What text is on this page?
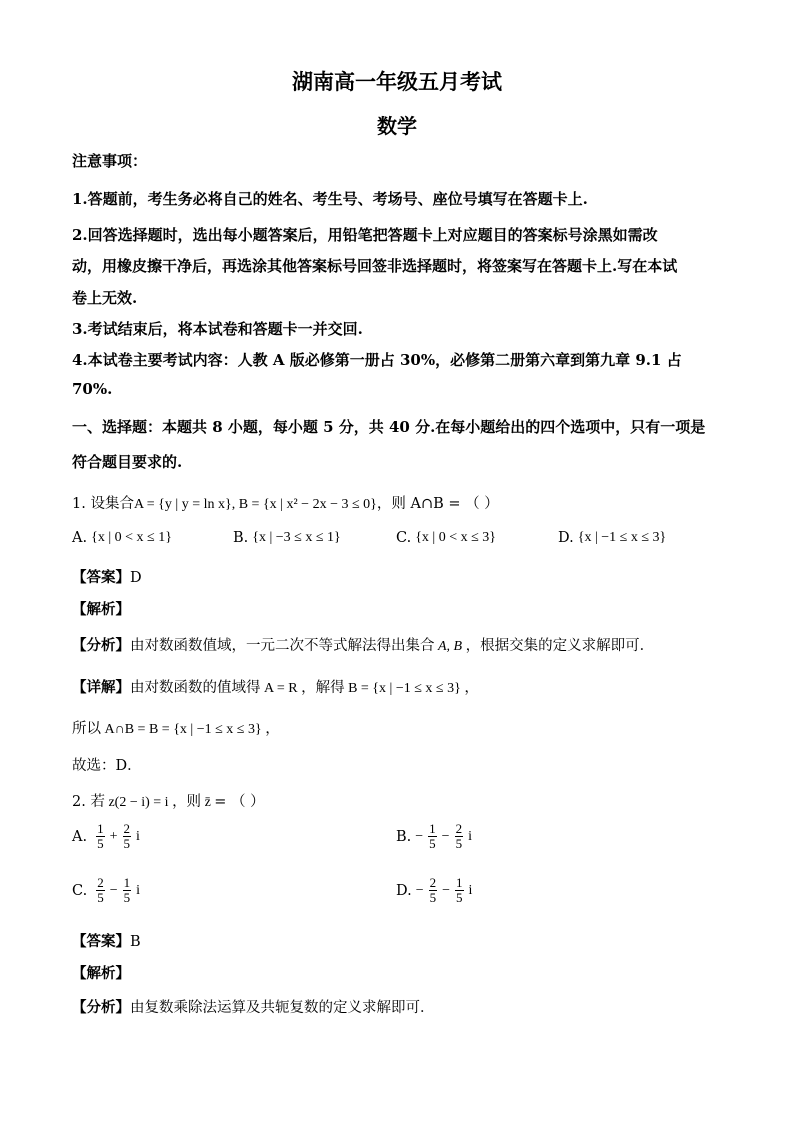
湖南高一年级五月考试
数学
注意事项：
1.答题前，考生务必将自己的姓名、考生号、考场号、座位号填写在答题卡上.
2.回答选择题时，选出每小题答案后，用铅笔把答题卡上对应题目的答案标号涂黑如需改
动，用橡皮擦干净后，再选涂其他答案标号回签非选择题时，将签案写在答题卡上.写在本试
卷上无效.
3.考试结束后，将本试卷和答题卡一并交回.
4.本试卷主要考试内容：人教 A 版必修第一册占 30%，必修第二册第六章到第九章 9.1 占
70%.
一、选择题：本题共 8 小题，每小题 5 分，共 40 分.在每小题给出的四个选项中，只有一项是
符合题目要求的.
1. 设集合A = {y | y = ln x}, B = {x | x² − 2x − 3 ≤ 0}，则 A∩B = （ ）
A. {x | 0 < x ≤ 1}	B. {x | −3 ≤ x ≤ 1}	C. {x | 0 < x ≤ 3}	D. {x | −1 ≤ x ≤ 3}
【答案】D
【解析】
【分析】由对数函数值域，一元二次不等式解法得出集合 A, B ，根据交集的定义求解即可．
【详解】由对数函数的值域得 A = R ，解得 B = {x | −1 ≤ x ≤ 3} ，
所以 A∩B = B = {x | −1 ≤ x ≤ 3} ，
故选：D．
2. 若 z(2 − i) = i ，则 z̄ = （ ）
A. $\frac{1}{5} + \frac{2}{5}$ i	B. − $\frac{1}{5} - \frac{2}{5}$ i
C. $\frac{2}{5} - \frac{1}{5}$ i	D. − $\frac{2}{5} - \frac{1}{5}$ i
【答案】B
【解析】
【分析】由复数乘除法运算及共轭复数的定义求解即可．
